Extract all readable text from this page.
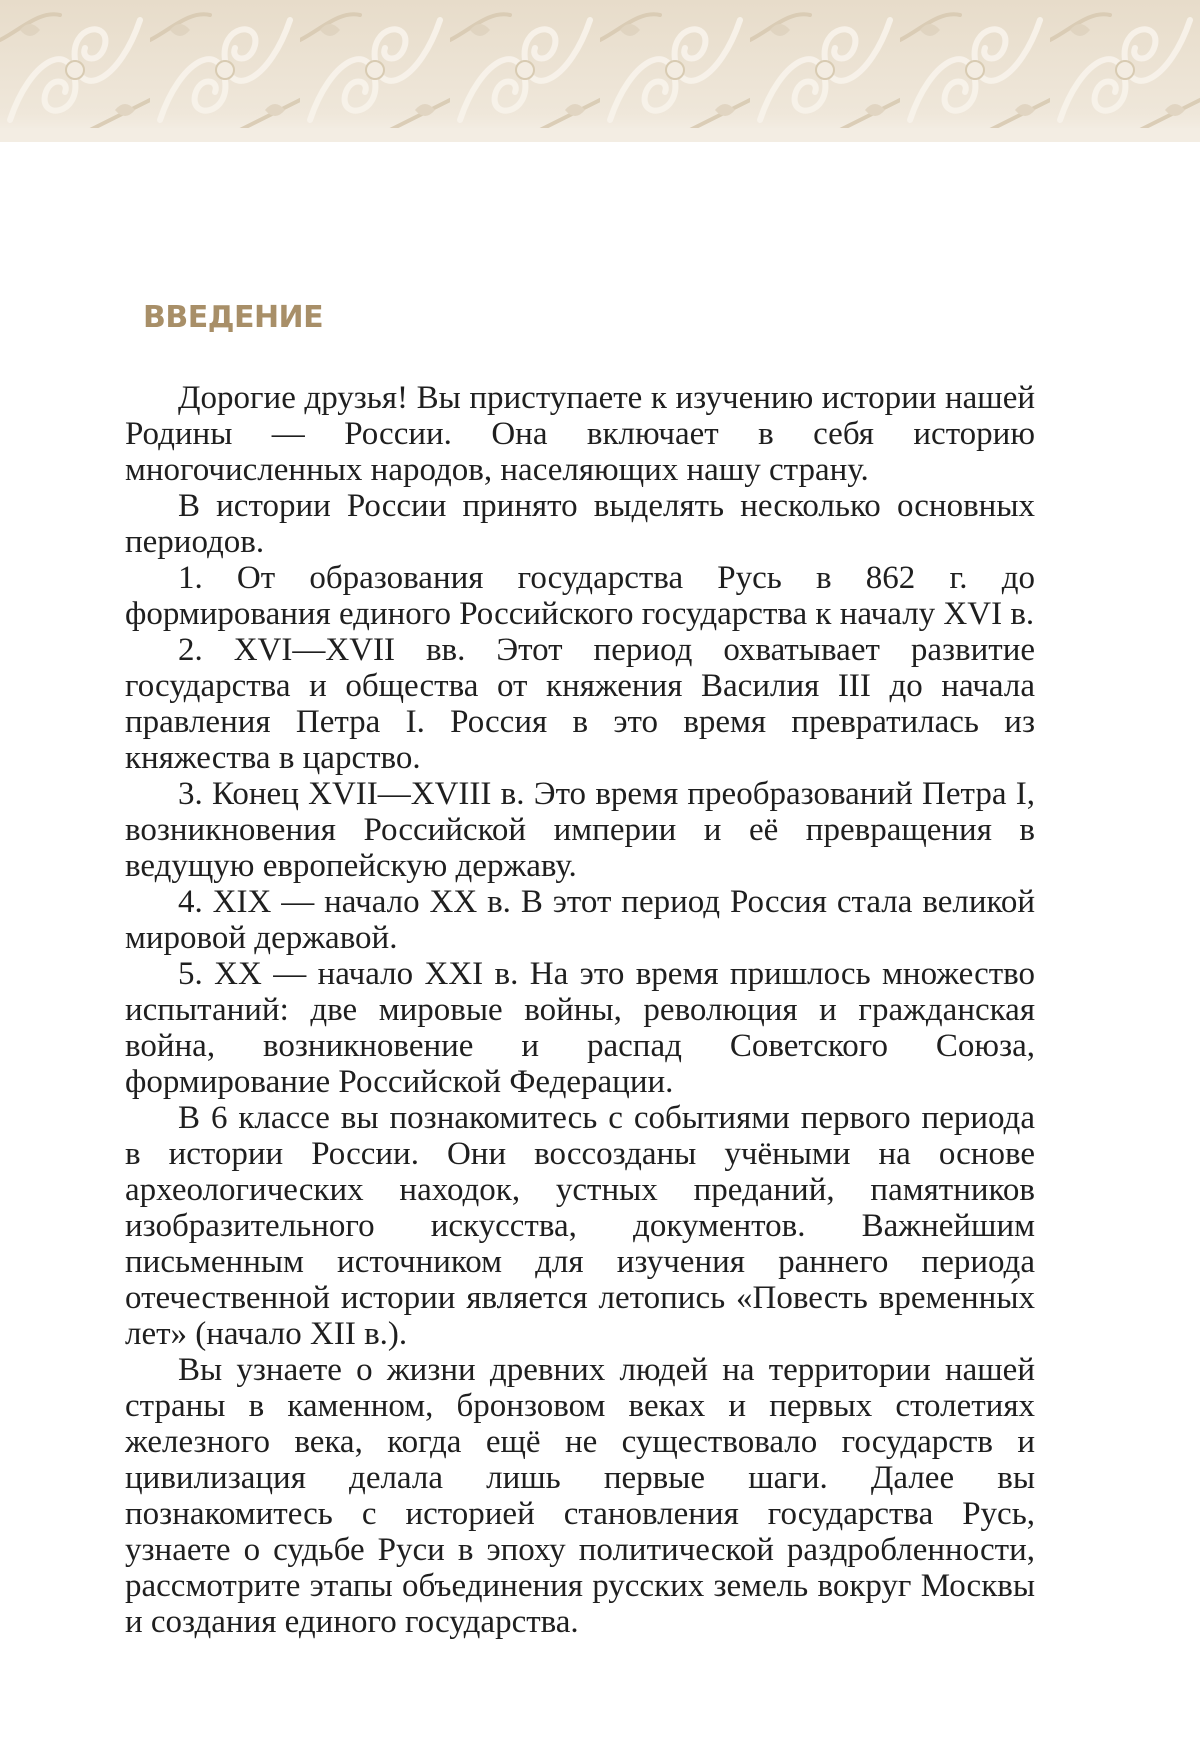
ВВЕДЕНИЕ

Дорогие друзья! Вы приступаете к изучению истории нашей Родины — России. Она включает в себя историю многочисленных народов, населяющих нашу страну.

В истории России принято выделять несколько основных периодов.

1. От образования государства Русь в 862 г. до формирования единого Российского государства к началу XVI в.

2. XVI—XVII вв. Этот период охватывает развитие государства и общества от княжения Василия III до начала правления Петра I. Россия в это время превратилась из княжества в царство.

3. Конец XVII—XVIII в. Это время преобразований Петра I, возникновения Российской империи и её превращения в ведущую европейскую державу.

4. XIX — начало XX в. В этот период Россия стала великой мировой державой.

5. XX — начало XXI в. На это время пришлось множество испытаний: две мировые войны, революция и гражданская война, возникновение и распад Советского Союза, формирование Российской Федерации.

В 6 классе вы познакомитесь с событиями первого периода в истории России. Они воссозданы учёными на основе археологических находок, устных преданий, памятников изобразительного искусства, документов. Важнейшим письменным источником для изучения раннего периода отечественной истории является летопись «Повесть временны́х лет» (начало XII в.).

Вы узнаете о жизни древних людей на территории нашей страны в каменном, бронзовом веках и первых столетиях железного века, когда ещё не существовало государств и цивилизация делала лишь первые шаги. Далее вы познакомитесь с историей становления государства Русь, узнаете о судьбе Руси в эпоху политической раздробленности, рассмотрите этапы объединения русских земель вокруг Москвы и создания единого государства.
